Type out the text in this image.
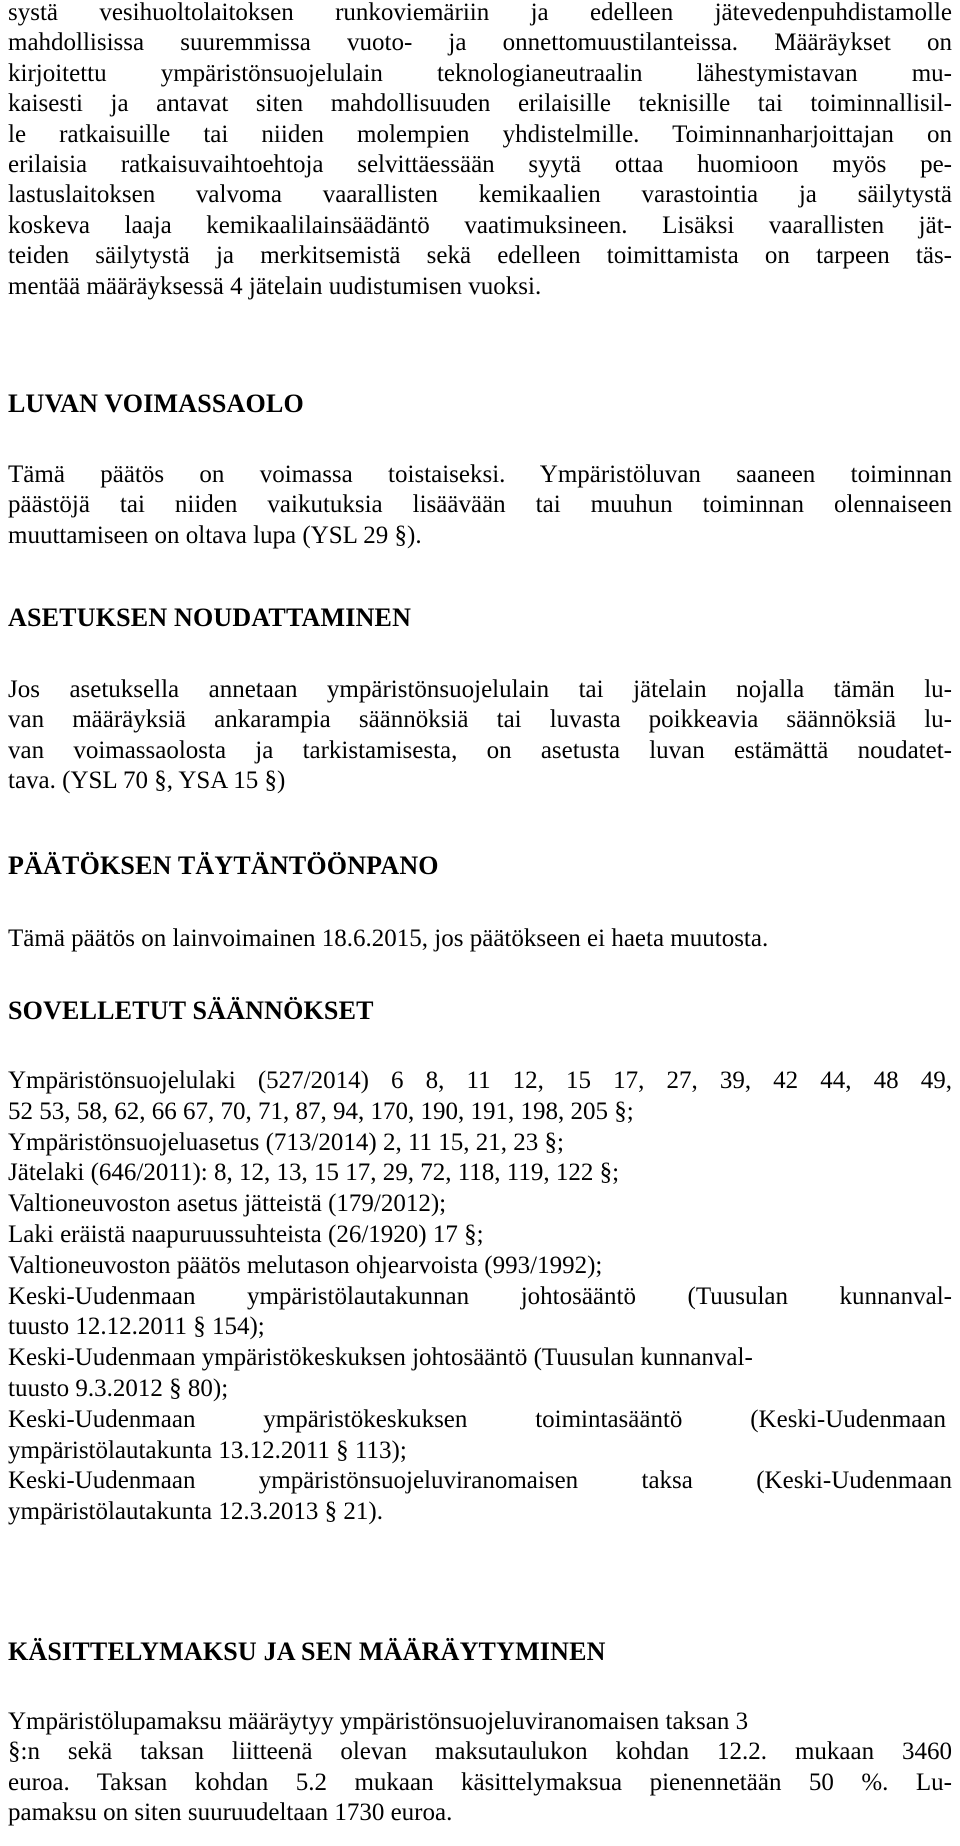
systä vesihuoltolaitoksen runkoviemäriin ja edelleen jätevedenpuhdistamolle
mahdollisissa suuremmissa vuoto- ja onnettomuustilanteissa. Määräykset on
kirjoitettu ympäristönsuojelulain teknologianeutraalin lähestymistavan mu-
kaisesti ja antavat siten mahdollisuuden erilaisille teknisille tai toiminnallisil-
le ratkaisuille tai niiden molempien yhdistelmille. Toiminnanharjoittajan on
erilaisia ratkaisuvaihtoehtoja selvittäessään syytä ottaa huomioon myös pe-
lastuslaitoksen valvoma vaarallisten kemikaalien varastointia ja säilytystä
koskeva laaja kemikaalilainsäädäntö vaatimuksineen. Lisäksi vaarallisten jät-
teiden säilytystä ja merkitsemistä sekä edelleen toimittamista on tarpeen täs-
mentää määräyksessä 4 jätelain uudistumisen vuoksi.
LUVAN VOIMASSAOLO
Tämä päätös on voimassa toistaiseksi. Ympäristöluvan saaneen toiminnan
päästöjä tai niiden vaikutuksia lisäävään tai muuhun toiminnan olennaiseen
muuttamiseen on oltava lupa (YSL 29 §).
ASETUKSEN NOUDATTAMINEN
Jos asetuksella annetaan ympäristönsuojelulain tai jätelain nojalla tämän lu-
van määräyksiä ankarampia säännöksiä tai luvasta poikkeavia säännöksiä lu-
van voimassaolosta ja tarkistamisesta, on asetusta luvan estämättä noudatet-
tava. (YSL 70 §, YSA 15 §)
PÄÄTÖKSEN TÄYTÄNTÖÖNPANO
Tämä päätös on lainvoimainen 18.6.2015, jos päätökseen ei haeta muutosta.
SOVELLETUT SÄÄNNÖKSET
Ympäristönsuojelulaki (527/2014) 6 8, 11 12, 15 17, 27, 39, 42 44, 48 49,
52 53, 58, 62, 66 67, 70, 71, 87, 94, 170, 190, 191, 198, 205 §;
Ympäristönsuojeluasetus (713/2014) 2, 11 15, 21, 23 §;
Jätelaki (646/2011): 8, 12, 13, 15 17, 29, 72, 118, 119, 122 §;
Valtioneuvoston asetus jätteistä (179/2012);
Laki eräistä naapuruussuhteista (26/1920) 17 §;
Valtioneuvoston päätös melutason ohjearvoista (993/1992);
Keski-Uudenmaan ympäristölautakunnan johtosääntö (Tuusulan kunnanval-
tuusto 12.12.2011 § 154);
Keski-Uudenmaan ympäristökeskuksen johtosääntö (Tuusulan kunnanval-
tuusto 9.3.2012 § 80);
Keski-Uudenmaan ympäristökeskuksen toimintasääntö (Keski-Uudenmaan
ympäristölautakunta 13.12.2011 § 113);
Keski-Uudenmaan ympäristönsuojeluviranomaisen taksa (Keski-Uudenmaan
ympäristölautakunta 12.3.2013 § 21).
KÄSITTELYMAKSU JA SEN MÄÄRÄYTYMINEN
Ympäristölupamaksu määräytyy ympäristönsuojeluviranomaisen taksan 3
§:n sekä taksan liitteenä olevan maksutaulukon kohdan 12.2. mukaan 3460
euroa. Taksan kohdan 5.2 mukaan käsittelymaksua pienennetään 50 %. Lu-
pamaksu on siten suuruudeltaan 1730 euroa.
